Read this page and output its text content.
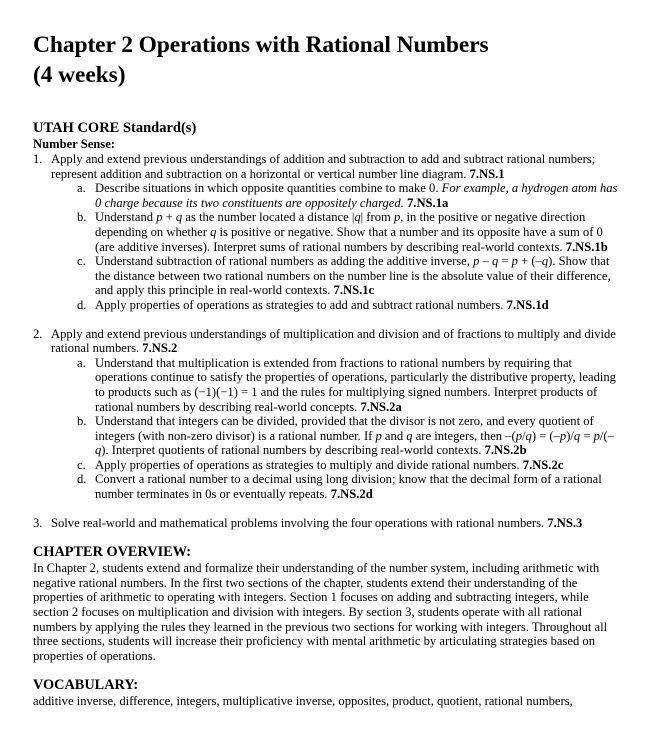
Chapter 2 Operations with Rational Numbers
(4 weeks)
UTAH CORE Standard(s)
Number Sense:
1. Apply and extend previous understandings of addition and subtraction to add and subtract rational numbers; represent addition and subtraction on a horizontal or vertical number line diagram. 7.NS.1
a. Describe situations in which opposite quantities combine to make 0. For example, a hydrogen atom has 0 charge because its two constituents are oppositely charged. 7.NS.1a
b. Understand p + q as the number located a distance |q| from p, in the positive or negative direction depending on whether q is positive or negative. Show that a number and its opposite have a sum of 0 (are additive inverses). Interpret sums of rational numbers by describing real-world contexts. 7.NS.1b
c. Understand subtraction of rational numbers as adding the additive inverse, p – q = p + (–q). Show that the distance between two rational numbers on the number line is the absolute value of their difference, and apply this principle in real-world contexts. 7.NS.1c
d. Apply properties of operations as strategies to add and subtract rational numbers. 7.NS.1d
2. Apply and extend previous understandings of multiplication and division and of fractions to multiply and divide rational numbers. 7.NS.2
a. Understand that multiplication is extended from fractions to rational numbers by requiring that operations continue to satisfy the properties of operations, particularly the distributive property, leading to products such as (−1)(−1) = 1 and the rules for multiplying signed numbers. Interpret products of rational numbers by describing real-world concepts. 7.NS.2a
b. Understand that integers can be divided, provided that the divisor is not zero, and every quotient of integers (with non-zero divisor) is a rational number. If p and q are integers, then –(p/q) = (–p)/q = p/(–q). Interpret quotients of rational numbers by describing real-world contexts. 7.NS.2b
c. Apply properties of operations as strategies to multiply and divide rational numbers. 7.NS.2c
d. Convert a rational number to a decimal using long division; know that the decimal form of a rational number terminates in 0s or eventually repeats. 7.NS.2d
3. Solve real-world and mathematical problems involving the four operations with rational numbers. 7.NS.3
CHAPTER OVERVIEW:

In Chapter 2, students extend and formalize their understanding of the number system, including arithmetic with negative rational numbers. In the first two sections of the chapter, students extend their understanding of the properties of arithmetic to operating with integers. Section 1 focuses on adding and subtracting integers, while section 2 focuses on multiplication and division with integers. By section 3, students operate with all rational numbers by applying the rules they learned in the previous two sections for working with integers. Throughout all three sections, students will increase their proficiency with mental arithmetic by articulating strategies based on properties of operations.

VOCABULARY:

additive inverse, difference, integers, multiplicative inverse, opposites, product, quotient, rational numbers,
